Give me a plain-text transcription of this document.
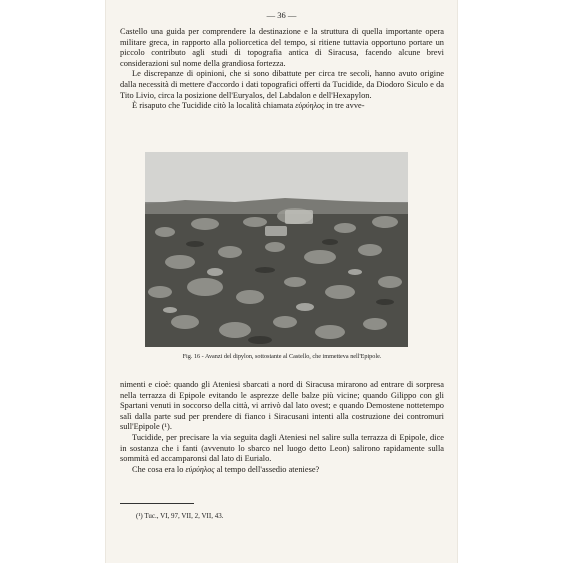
— 36 —

Castello una guida per comprendere la destinazione e la struttura di quella importante opera militare greca, in rapporto alla poliorcetica del tempo, si ritiene tuttavia opportuno portare un piccolo contributo agli studi di topografia antica di Siracusa, facendo alcune brevi considerazioni sul nome della grandiosa fortezza.

Le discrepanze di opinioni, che si sono dibattute per circa tre secoli, hanno avuto origine dalla necessità di mettere d'accordo i dati topografici offerti da Tucidide, da Diodoro Siculo e da Tito Livio, circa la posizione dell'Euryalos, del Labdalon e dell'Hexapylon.

È risaputo che Tucidide citò la località chiamata εὐρύηλος in tre avve-

Fig. 16 - Avanzi del dipylon, sottostante al Castello, che immetteva nell'Epipole.

nimenti e cioè: quando gli Ateniesi sbarcati a nord di Siracusa mirarono ad entrare di sorpresa nella terrazza di Epipole evitando le asprezze delle balze più vicine; quando Gilippo con gli Spartani venuti in soccorso della città, vi arrivò dal lato ovest; e quando Demostene nottetempo salì dalla parte sud per prendere di fianco i Siracusani intenti alla costruzione dei contromuri sull'Epipole (¹).

Tucidide, per precisare la via seguita dagli Ateniesi nel salire sulla terrazza di Epipole, dice in sostanza che i fanti (avvenuto lo sbarco nel luogo detto Leon) salirono rapidamente sulla sommità ed accamparonsi dal lato di Eurialo.

Che cosa era lo εὐρύηλος al tempo dell'assedio ateniese?

(¹) Tuc., VI, 97, VII, 2, VII, 43.
